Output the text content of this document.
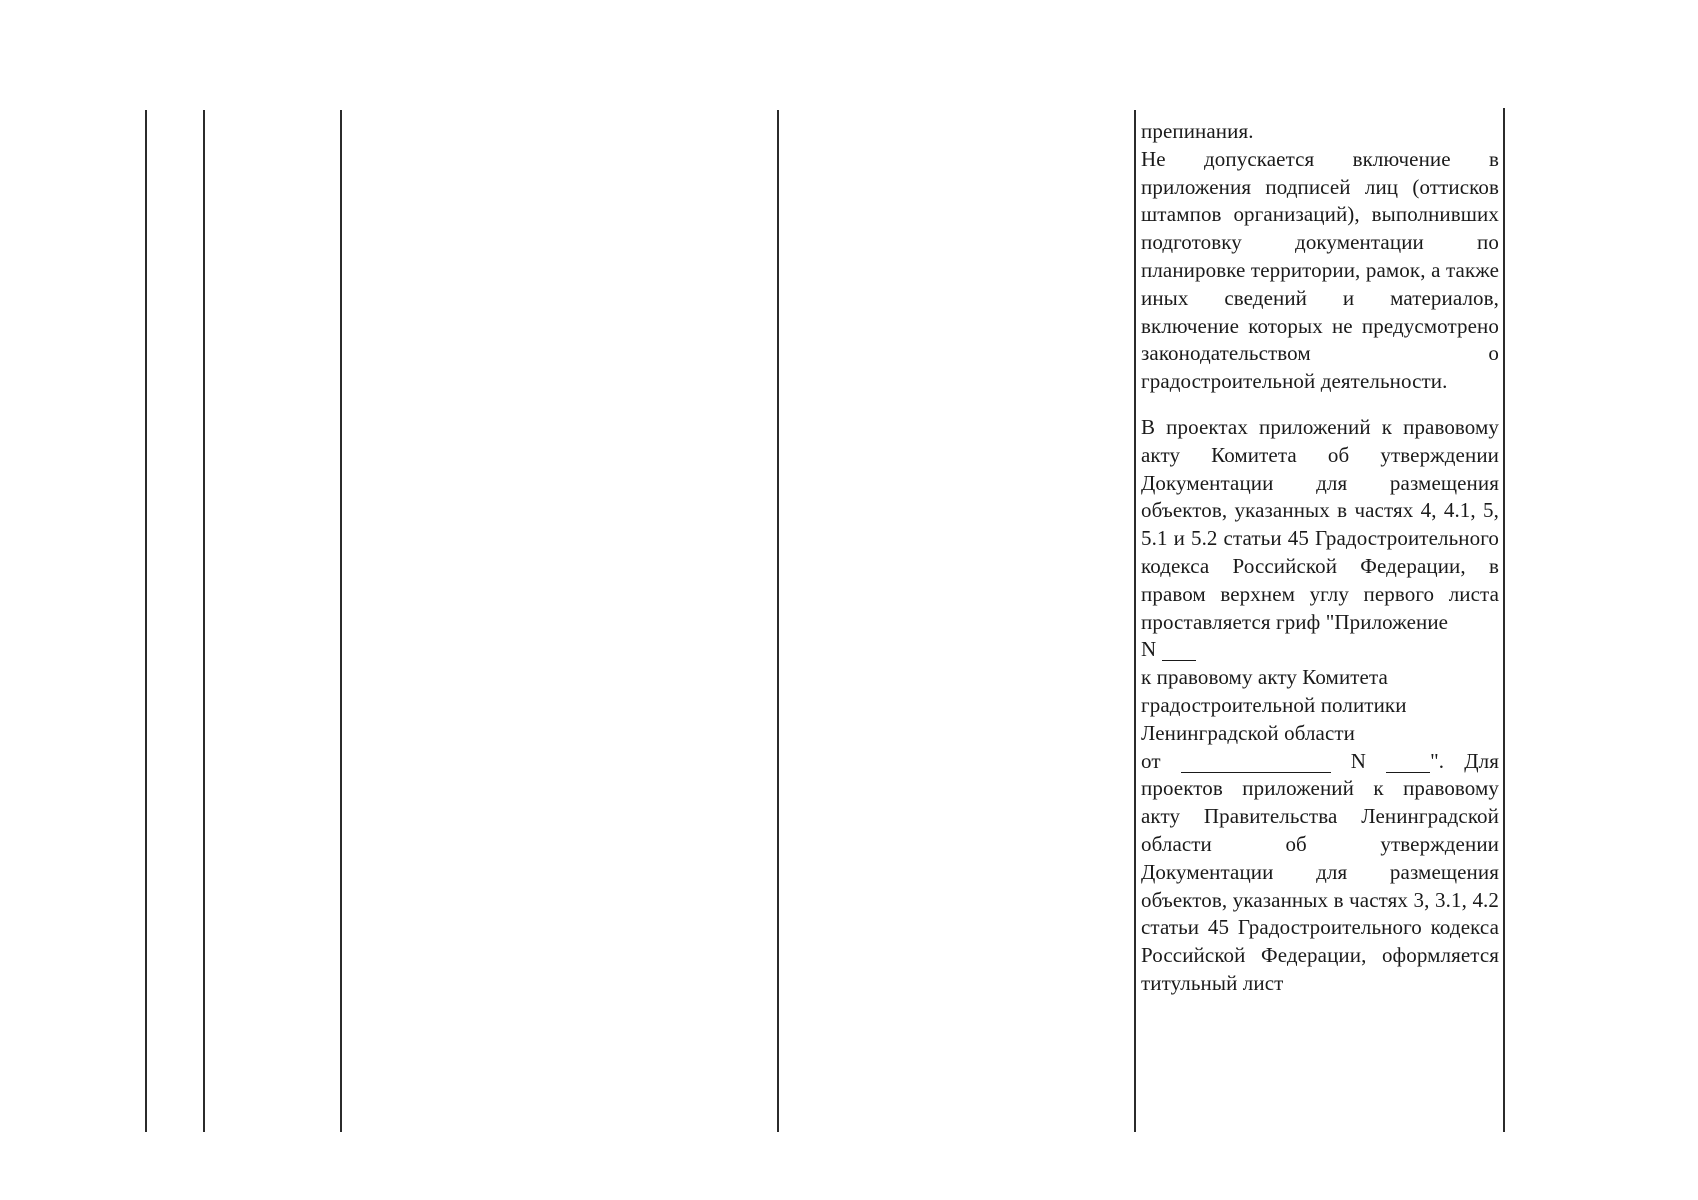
препинания.

Не допускается включение в приложения подписей лиц (оттисков штампов организаций), выполнивших подготовку документации по планировке территории, рамок, а также иных сведений и материалов, включение которых не предусмотрено законодательством о градостроительной деятельности.

В проектах приложений к правовому акту Комитета об утверждении Документации для размещения объектов, указанных в частях 4, 4.1, 5, 5.1 и 5.2 статьи 45 Градостроительного кодекса Российской Федерации, в правом верхнем углу первого листа проставляется гриф "Приложение

N

к правовому акту Комитета

градостроительной политики

Ленинградской области

от	N	". Для проектов приложений к правовому акту Правительства Ленинградской области об утверждении Документации для размещения объектов, указанных в частях 3, 3.1, 4.2 статьи 45 Градостроительного кодекса Российской Федерации, оформляется титульный лист
